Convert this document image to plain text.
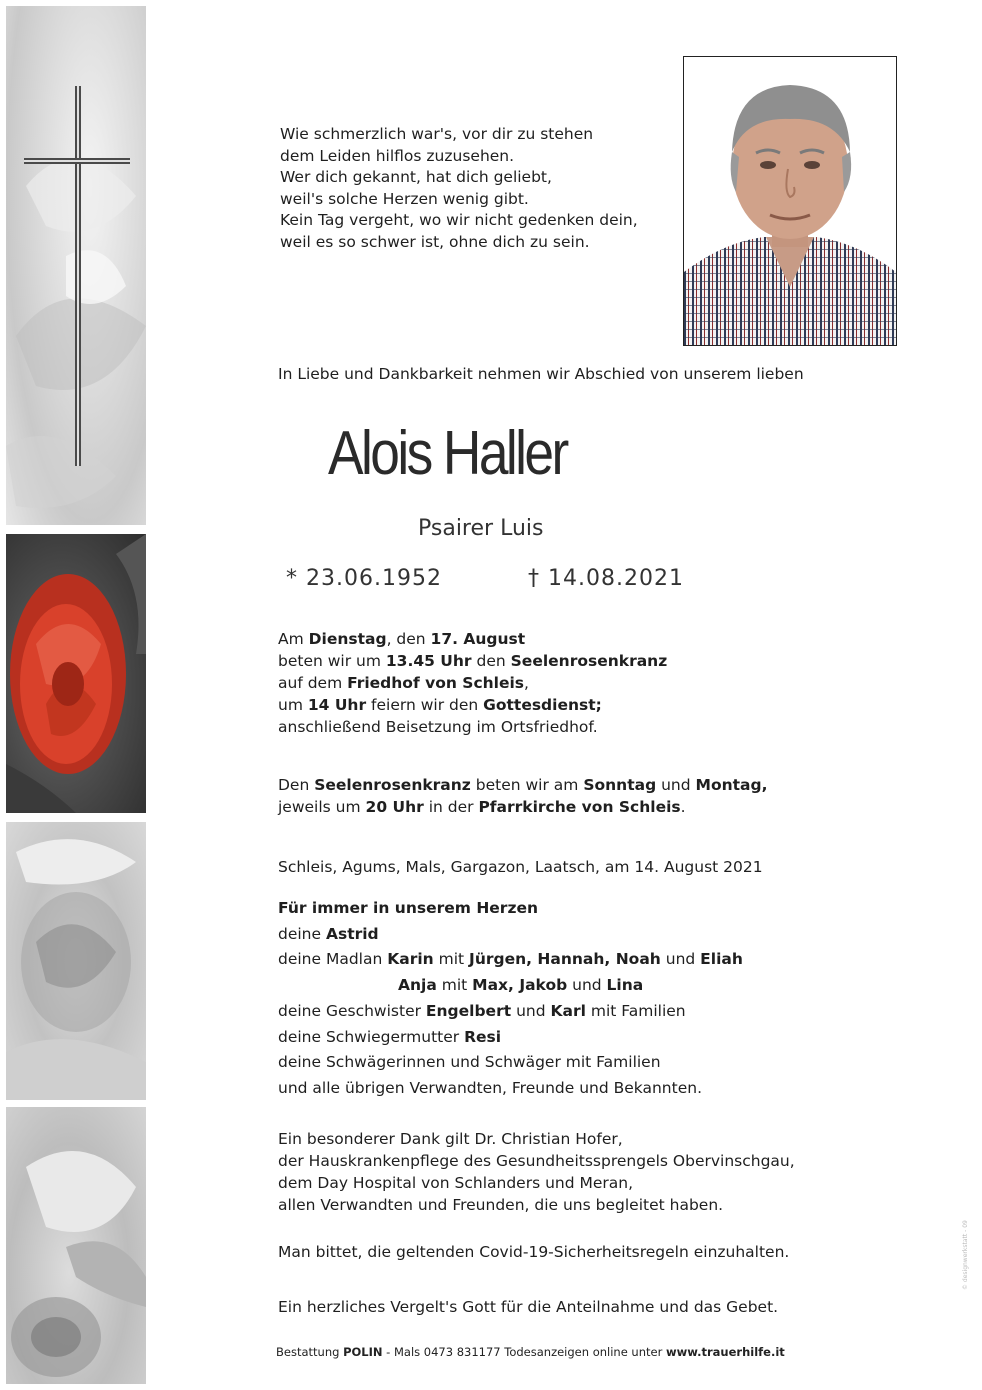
Wie schmerzlich war's, vor dir zu stehen
dem Leiden hilflos zuzusehen.
Wer dich gekannt, hat dich geliebt,
weil's solche Herzen wenig gibt.
Kein Tag vergeht, wo wir nicht gedenken dein,
weil es so schwer ist, ohne dich zu sein.
In Liebe und Dankbarkeit nehmen wir Abschied von unserem lieben
Alois Haller
Psairer Luis
* 23.06.1952	† 14.08.2021
Am Dienstag, den 17. August
beten wir um 13.45 Uhr den Seelenrosenkranz
auf dem Friedhof von Schleis,
um 14 Uhr feiern wir den Gottesdienst;
anschließend Beisetzung im Ortsfriedhof.
Den Seelenrosenkranz beten wir am Sonntag und Montag,
jeweils um 20 Uhr in der Pfarrkirche von Schleis.
Schleis, Agums, Mals, Gargazon, Laatsch, am 14. August 2021
Für immer in unserem Herzen
deine Astrid
deine Madlan Karin mit Jürgen, Hannah, Noah und Eliah
Anja mit Max, Jakob und Lina
deine Geschwister Engelbert und Karl mit Familien
deine Schwiegermutter Resi
deine Schwägerinnen und Schwäger mit Familien
und alle übrigen Verwandten, Freunde und Bekannten.
Ein besonderer Dank gilt Dr. Christian Hofer,
der Hauskrankenpflege des Gesundheitssprengels Obervinschgau,
dem Day Hospital von Schlanders und Meran,
allen Verwandten und Freunden, die uns begleitet haben.
Man bittet, die geltenden Covid-19-Sicherheitsregeln einzuhalten.
Ein herzliches Vergelt's Gott für die Anteilnahme und das Gebet.
Bestattung POLIN - Mals 0473 831177 Todesanzeigen online unter www.trauerhilfe.it
© designwerkstatt - 09
